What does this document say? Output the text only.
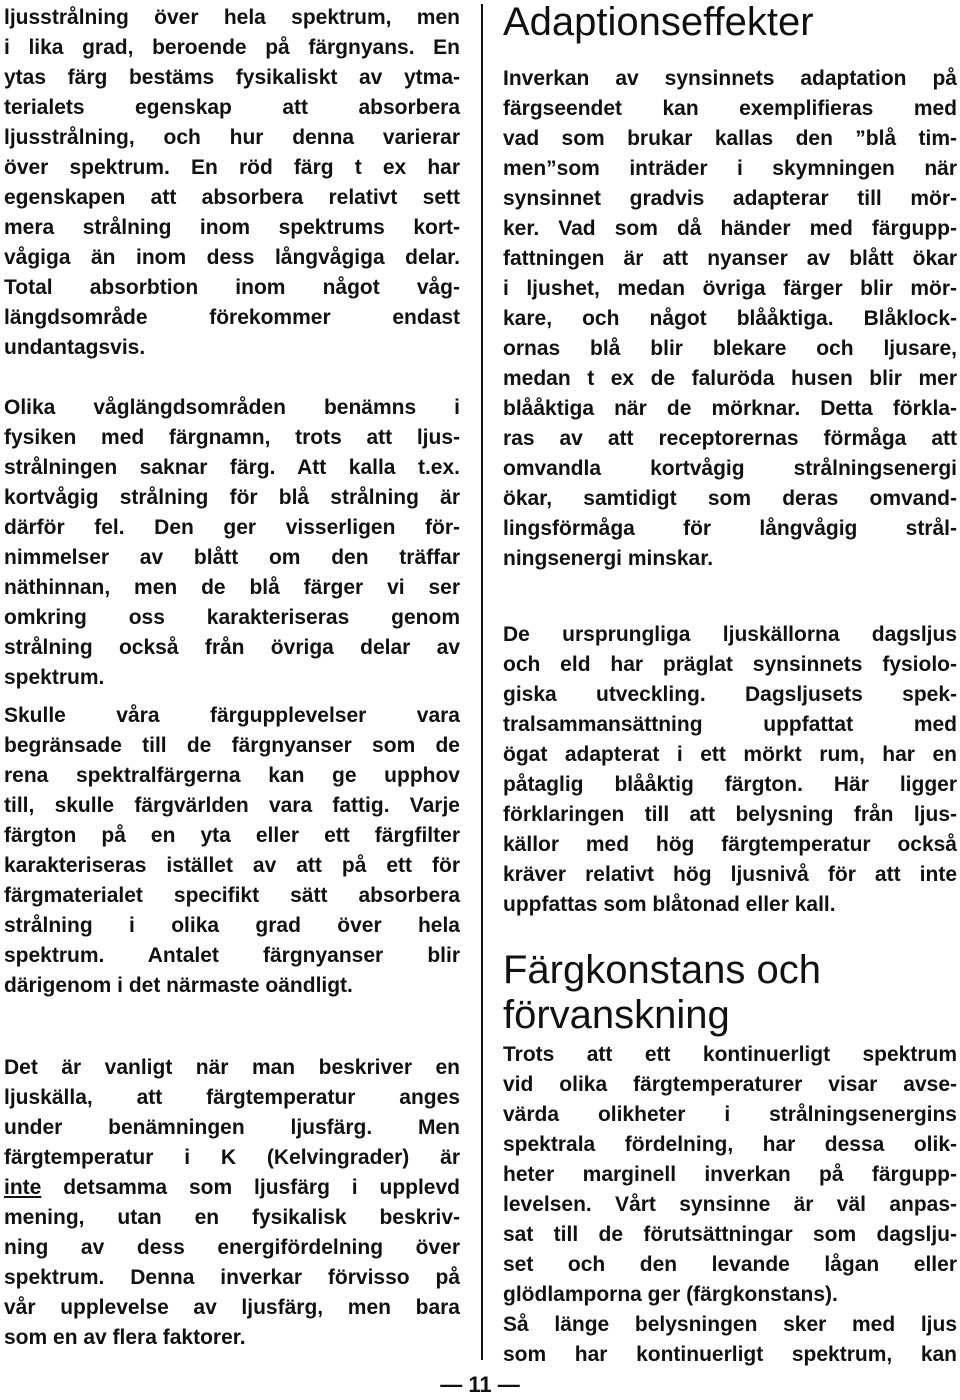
ljusstrålning över hela spektrum, men
i lika grad, beroende på färgnyans. En
ytas färg bestäms fysikaliskt av ytma-
terialets egenskap att absorbera
ljusstrålning, och hur denna varierar
över spektrum. En röd färg t ex har
egenskapen att absorbera relativt sett
mera strålning inom spektrums kort-
vågiga än inom dess långvågiga delar.
Total absorbtion inom något våg-
längdsområde förekommer endast
undantagsvis.
Olika våglängdsområden benämns i
fysiken med färgnamn, trots att ljus-
strålningen saknar färg. Att kalla t.ex.
kortvågig strålning för blå strålning är
därför fel. Den ger visserligen för-
nimmelser av blått om den träffar
näthinnan, men de blå färger vi ser
omkring oss karakteriseras genom
strålning också från övriga delar av
spektrum.
Skulle våra färgupplevelser vara
begränsade till de färgnyanser som de
rena spektralfärgerna kan ge upphov
till, skulle färgvärlden vara fattig. Varje
färgton på en yta eller ett färgfilter
karakteriseras istället av att på ett för
färgmaterialet specifikt sätt absorbera
strålning i olika grad över hela
spektrum. Antalet färgnyanser blir
därigenom i det närmaste oändligt.
Det är vanligt när man beskriver en
ljuskälla, att färgtemperatur anges
under benämningen ljusfärg. Men
färgtemperatur i K (Kelvingrader) är
inte detsamma som ljusfärg i upplevd
mening, utan en fysikalisk beskriv-
ning av dess energifördelning över
spektrum. Denna inverkar förvisso på
vår upplevelse av ljusfärg, men bara
som en av flera faktorer.
Adaptionseffekter
Inverkan av synsinnets adaptation på
färgseendet kan exemplifieras med
vad som brukar kallas den ”blå tim-
men”som inträder i skymningen när
synsinnet gradvis adapterar till mör-
ker. Vad som då händer med färgupp-
fattningen är att nyanser av blått ökar
i ljushet, medan övriga färger blir mör-
kare, och något blååktiga. Blåklock-
ornas blå blir blekare och ljusare,
medan t ex de faluröda husen blir mer
blååktiga när de mörknar. Detta förkla-
ras av att receptorernas förmåga att
omvandla kortvågig strålningsenergi
ökar, samtidigt som deras omvand-
lingsförmåga för långvågig strål-
ningsenergi minskar.
De ursprungliga ljuskällorna dagsljus
och eld har präglat synsinnets fysiolo-
giska utveckling. Dagsljusets spek-
tralsammansättning uppfattat med
ögat adapterat i ett mörkt rum, har en
påtaglig blååktig färgton. Här ligger
förklaringen till att belysning från ljus-
källor med hög färgtemperatur också
kräver relativt hög ljusnivå för att inte
uppfattas som blåtonad eller kall.
Färgkonstans och
förvanskning
Trots att ett kontinuerligt spektrum
vid olika färgtemperaturer visar avse-
värda olikheter i strålningsenergins
spektrala fördelning, har dessa olik-
heter marginell inverkan på färgupp-
levelsen. Vårt synsinne är väl anpas-
sat till de förutsättningar som dagslju-
set och den levande lågan eller
glödlamporna ger (färgkonstans).
Så länge belysningen sker med ljus
som har kontinuerligt spektrum, kan
— 11 —
